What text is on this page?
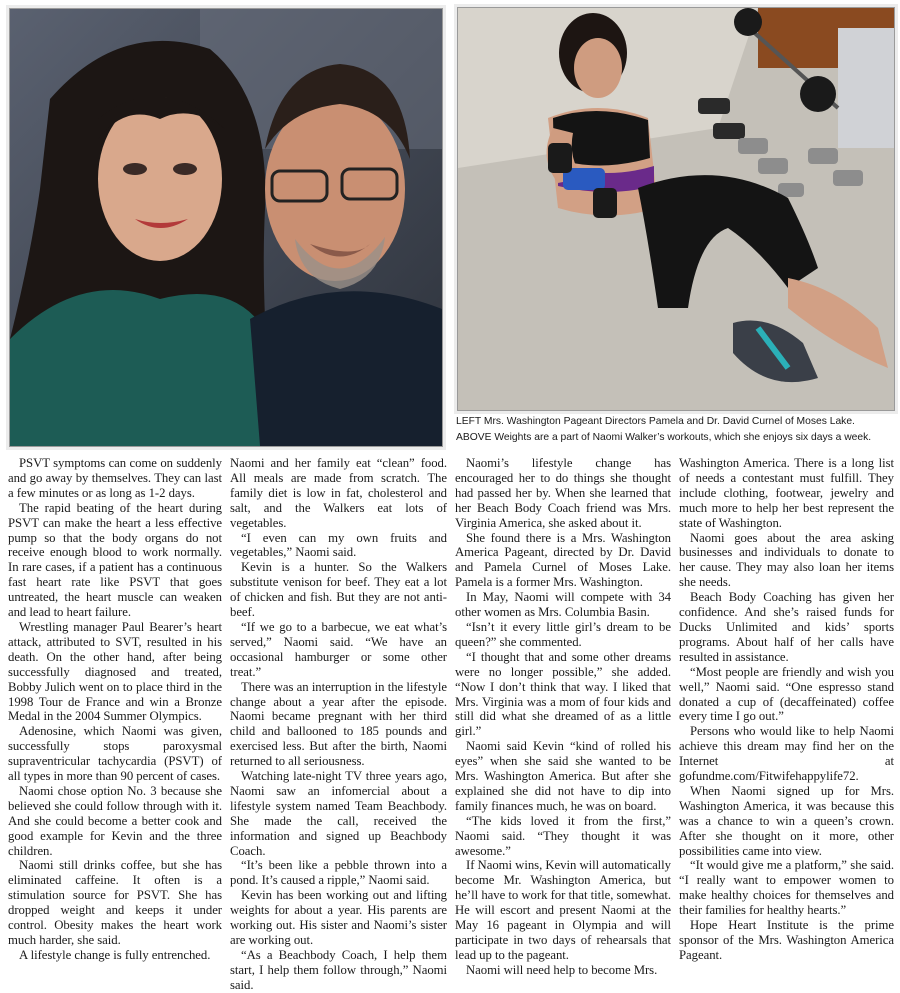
LEFT Mrs. Washington Pageant Directors Pamela and Dr. David Curnel of Moses Lake.

ABOVE Weights are a part of Naomi Walker’s workouts, which she enjoys six days a week.

PSVT symptoms can come on suddenly and go away by themselves. They can last a few minutes or as long as 1-2 days.

The rapid beating of the heart during PSVT can make the heart a less effective pump so that the body organs do not receive enough blood to work normally. In rare cases, if a patient has a continuous fast heart rate like PSVT that goes untreated, the heart muscle can weaken and lead to heart failure.

Wrestling manager Paul Bearer’s heart attack, attributed to SVT, resulted in his death. On the other hand, after being successfully diagnosed and treated, Bobby Julich went on to place third in the 1998 Tour de France and win a Bronze Medal in the 2004 Summer Olympics.

Adenosine, which Naomi was given, successfully stops paroxysmal supraventricular tachycardia (PSVT) of all types in more than 90 percent of cases.

Naomi chose option No. 3 because she believed she could follow through with it. And she could become a better cook and good example for Kevin and the three children.

Naomi still drinks coffee, but she has eliminated caffeine. It often is a stimulation source for PSVT. She has dropped weight and keeps it under control. Obesity makes the heart work much harder, she said.

A lifestyle change is fully entrenched.

Naomi and her family eat “clean” food. All meals are made from scratch. The family diet is low in fat, cholesterol and salt, and the Walkers eat lots of vegetables.

“I even can my own fruits and vegetables,” Naomi said.

Kevin is a hunter. So the Walkers substitute venison for beef. They eat a lot of chicken and fish. But they are not anti-beef.

“If we go to a barbecue, we eat what’s served,” Naomi said. “We have an occasional hamburger or some other treat.”

There was an interruption in the lifestyle change about a year after the episode. Naomi became pregnant with her third child and ballooned to 185 pounds and exercised less. But after the birth, Naomi returned to all seriousness.

Watching late-night TV three years ago, Naomi saw an infomercial about a lifestyle system named Team Beachbody. She made the call, received the information and signed up Beachbody Coach.

“It’s been like a pebble thrown into a pond. It’s caused a ripple,” Naomi said.

Kevin has been working out and lifting weights for about a year. His parents are working out. His sister and Naomi’s sister are working out.

“As a Beachbody Coach, I help them start, I help them follow through,” Naomi said.

Naomi’s lifestyle change has encouraged her to do things she thought had passed her by. When she learned that her Beach Body Coach friend was Mrs. Virginia America, she asked about it.

She found there is a Mrs. Washington America Pageant, directed by Dr. David and Pamela Curnel of Moses Lake. Pamela is a former Mrs. Washington.

In May, Naomi will compete with 34 other women as Mrs. Columbia Basin.

“Isn’t it every little girl’s dream to be queen?” she commented.

“I thought that and some other dreams were no longer possible,” she added. “Now I don’t think that way. I liked that Mrs. Virginia was a mom of four kids and still did what she dreamed of as a little girl.”

Naomi said Kevin “kind of rolled his eyes” when she said she wanted to be Mrs. Washington America. But after she explained she did not have to dip into family finances much, he was on board.

“The kids loved it from the first,” Naomi said. “They thought it was awesome.”

If Naomi wins, Kevin will automatically become Mr. Washington America, but he’ll have to work for that title, somewhat. He will escort and present Naomi at the May 16 pageant in Olympia and will participate in two days of rehearsals that lead up to the pageant.

Naomi will need help to become Mrs.

Washington America. There is a long list of needs a contestant must fulfill. They include clothing, footwear, jewelry and much more to help her best represent the state of Washington.

Naomi goes about the area asking businesses and individuals to donate to her cause. They may also loan her items she needs.

Beach Body Coaching has given her confidence. And she’s raised funds for Ducks Unlimited and kids’ sports programs. About half of her calls have resulted in assistance.

“Most people are friendly and wish you well,” Naomi said. “One espresso stand donated a cup of (decaffeinated) coffee every time I go out.”

Persons who would like to help Naomi achieve this dream may find her on the Internet at gofundme.com/Fitwifehappylife72.

When Naomi signed up for Mrs. Washington America, it was because this was a chance to win a queen’s crown. After she thought on it more, other possibilities came into view.

“It would give me a platform,” she said. “I really want to empower women to make healthy choices for themselves and their families for healthy hearts.”

Hope Heart Institute is the prime sponsor of the Mrs. Washington America Pageant.
